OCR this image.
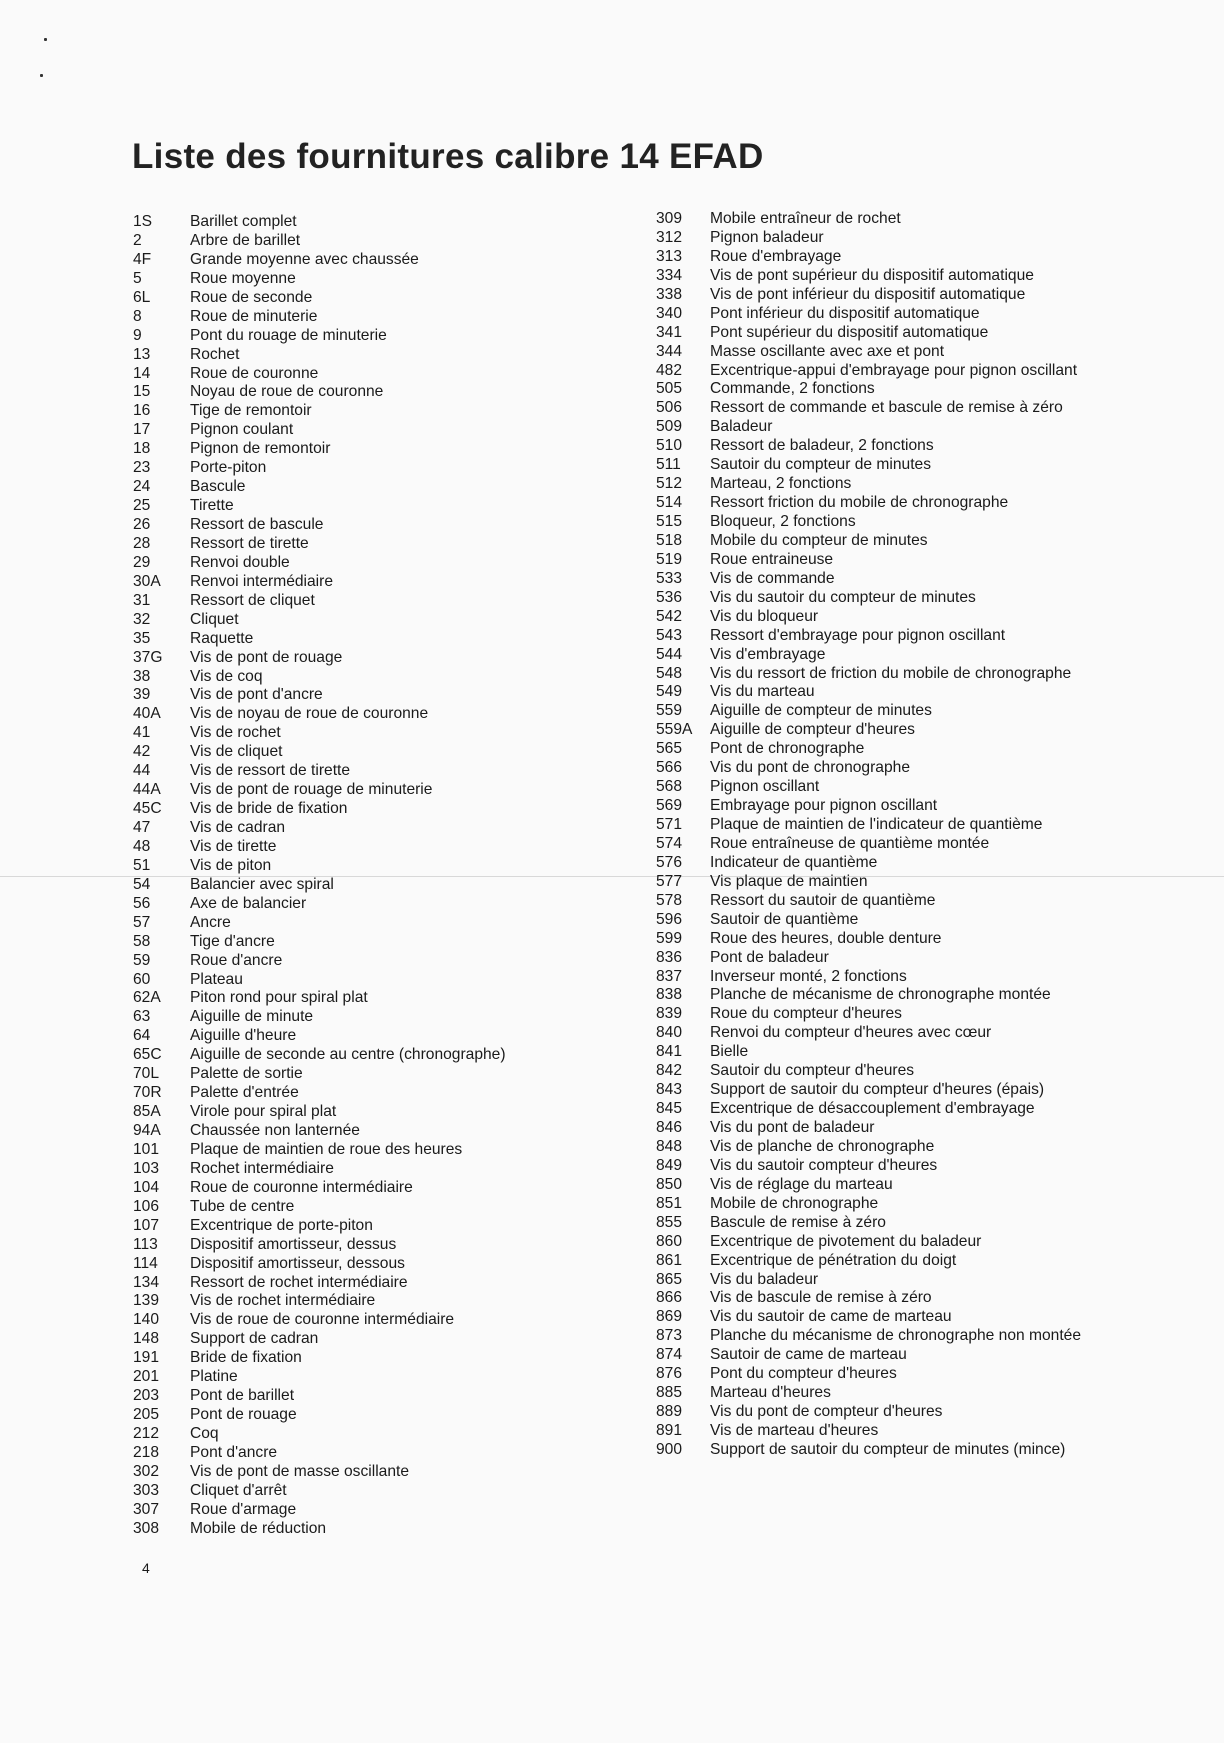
Liste des fournitures calibre 14 EFAD
1S	Barillet complet
2	Arbre de barillet
4F	Grande moyenne avec chaussée
5	Roue moyenne
6L	Roue de seconde
8	Roue de minuterie
9	Pont du rouage de minuterie
13	Rochet
14	Roue de couronne
15	Noyau de roue de couronne
16	Tige de remontoir
17	Pignon coulant
18	Pignon de remontoir
23	Porte-piton
24	Bascule
25	Tirette
26	Ressort de bascule
28	Ressort de tirette
29	Renvoi double
30A	Renvoi intermédiaire
31	Ressort de cliquet
32	Cliquet
35	Raquette
37G	Vis de pont de rouage
38	Vis de coq
39	Vis de pont d'ancre
40A	Vis de noyau de roue de couronne
41	Vis de rochet
42	Vis de cliquet
44	Vis de ressort de tirette
44A	Vis de pont de rouage de minuterie
45C	Vis de bride de fixation
47	Vis de cadran
48	Vis de tirette
51	Vis de piton
54	Balancier avec spiral
56	Axe de balancier
57	Ancre
58	Tige d'ancre
59	Roue d'ancre
60	Plateau
62A	Piton rond pour spiral plat
63	Aiguille de minute
64	Aiguille d'heure
65C	Aiguille de seconde au centre (chronographe)
70L	Palette de sortie
70R	Palette d'entrée
85A	Virole pour spiral plat
94A	Chaussée non lanternée
101	Plaque de maintien de roue des heures
103	Rochet intermédiaire
104	Roue de couronne intermédiaire
106	Tube de centre
107	Excentrique de porte-piton
113	Dispositif amortisseur, dessus
114	Dispositif amortisseur, dessous
134	Ressort de rochet intermédiaire
139	Vis de rochet intermédiaire
140	Vis de roue de couronne intermédiaire
148	Support de cadran
191	Bride de fixation
201	Platine
203	Pont de barillet
205	Pont de rouage
212	Coq
218	Pont d'ancre
302	Vis de pont de masse oscillante
303	Cliquet d'arrêt
307	Roue d'armage
308	Mobile de réduction
309	Mobile entraîneur de rochet
312	Pignon baladeur
313	Roue d'embrayage
334	Vis de pont supérieur du dispositif automatique
338	Vis de pont inférieur du dispositif automatique
340	Pont inférieur du dispositif automatique
341	Pont supérieur du dispositif automatique
344	Masse oscillante avec axe et pont
482	Excentrique-appui d'embrayage pour pignon oscillant
505	Commande, 2 fonctions
506	Ressort de commande et bascule de remise à zéro
509	Baladeur
510	Ressort de baladeur, 2 fonctions
511	Sautoir du compteur de minutes
512	Marteau, 2 fonctions
514	Ressort friction du mobile de chronographe
515	Bloqueur, 2 fonctions
518	Mobile du compteur de minutes
519	Roue entraineuse
533	Vis de commande
536	Vis du sautoir du compteur de minutes
542	Vis du bloqueur
543	Ressort d'embrayage pour pignon oscillant
544	Vis d'embrayage
548	Vis du ressort de friction du mobile de chronographe
549	Vis du marteau
559	Aiguille de compteur de minutes
559A	Aiguille de compteur d'heures
565	Pont de chronographe
566	Vis du pont de chronographe
568	Pignon oscillant
569	Embrayage pour pignon oscillant
571	Plaque de maintien de l'indicateur de quantième
574	Roue entraîneuse de quantième montée
576	Indicateur de quantième
577	Vis plaque de maintien
578	Ressort du sautoir de quantième
596	Sautoir de quantième
599	Roue des heures, double denture
836	Pont de baladeur
837	Inverseur monté, 2 fonctions
838	Planche de mécanisme de chronographe montée
839	Roue du compteur d'heures
840	Renvoi du compteur d'heures avec cœur
841	Bielle
842	Sautoir du compteur d'heures
843	Support de sautoir du compteur d'heures (épais)
845	Excentrique de désaccouplement d'embrayage
846	Vis du pont de baladeur
848	Vis de planche de chronographe
849	Vis du sautoir compteur d'heures
850	Vis de réglage du marteau
851	Mobile de chronographe
855	Bascule de remise à zéro
860	Excentrique de pivotement du baladeur
861	Excentrique de pénétration du doigt
865	Vis du baladeur
866	Vis de bascule de remise à zéro
869	Vis du sautoir de came de marteau
873	Planche du mécanisme de chronographe non montée
874	Sautoir de came de marteau
876	Pont du compteur d'heures
885	Marteau d'heures
889	Vis du pont de compteur d'heures
891	Vis de marteau d'heures
900	Support de sautoir du compteur de minutes (mince)
4
